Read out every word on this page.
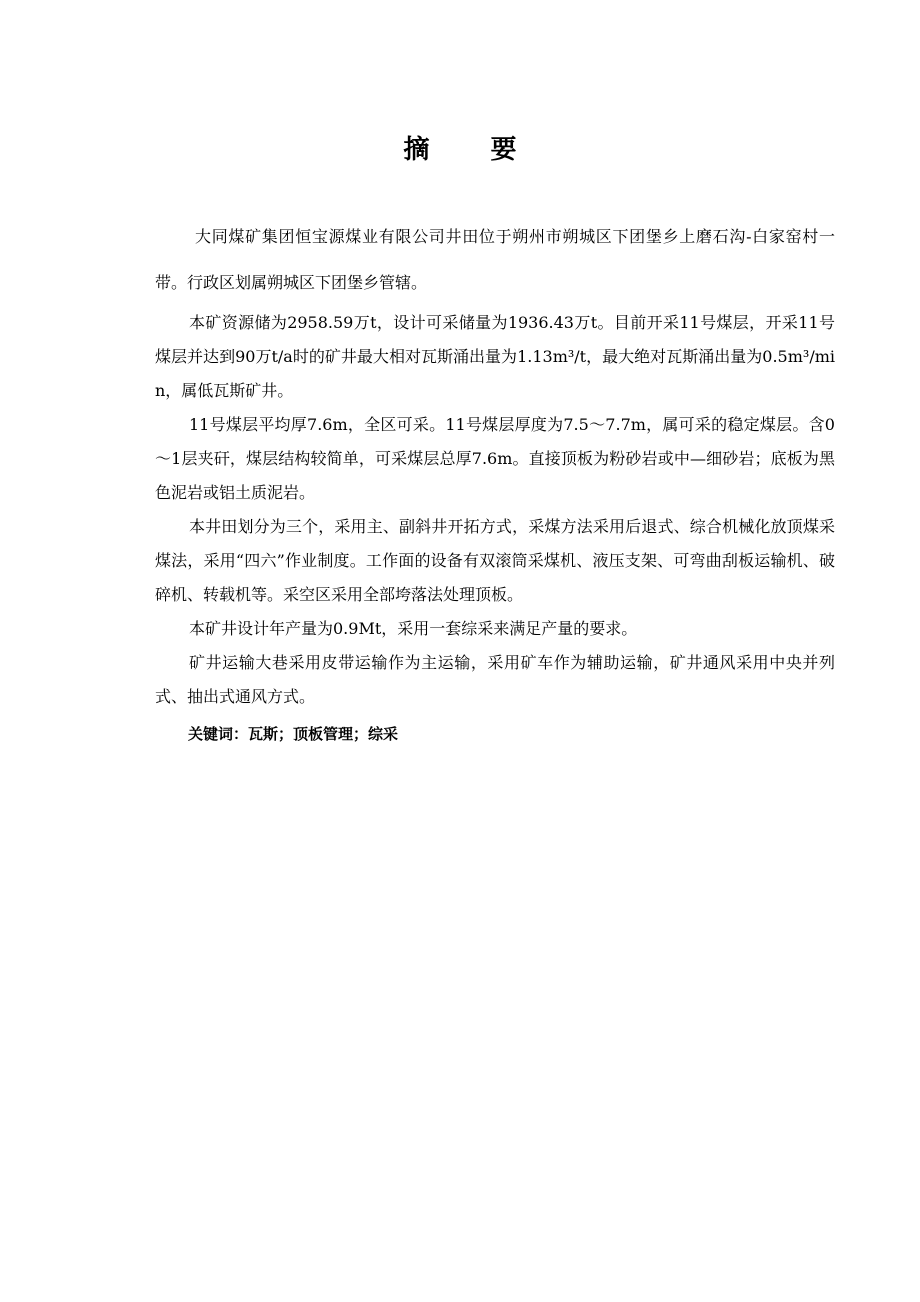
摘 要

大同煤矿集团恒宝源煤业有限公司井田位于朔州市朔城区下团堡乡上磨石沟-白家窑村一带。行政区划属朔城区下团堡乡管辖。

本矿资源储为2958.59万t，设计可采储量为1936.43万t。目前开采11号煤层，开采11号煤层并达到90万t/a时的矿井最大相对瓦斯涌出量为1.13m³/t，最大绝对瓦斯涌出量为0.5m³/min，属低瓦斯矿井。

11号煤层平均厚7.6m，全区可采。11号煤层厚度为7.5～7.7m，属可采的稳定煤层。含0～1层夹矸，煤层结构较简单，可采煤层总厚7.6m。直接顶板为粉砂岩或中—细砂岩；底板为黑色泥岩或铝土质泥岩。

本井田划分为三个，采用主、副斜井开拓方式，采煤方法采用后退式、综合机械化放顶煤采煤法，采用“四六”作业制度。工作面的设备有双滚筒采煤机、液压支架、可弯曲刮板运输机、破碎机、转载机等。采空区采用全部垮落法处理顶板。

本矿井设计年产量为0.9Mt，采用一套综采来满足产量的要求。

矿井运输大巷采用皮带运输作为主运输，采用矿车作为辅助运输，矿井通风采用中央并列式、抽出式通风方式。

关键词：瓦斯；顶板管理；综采
